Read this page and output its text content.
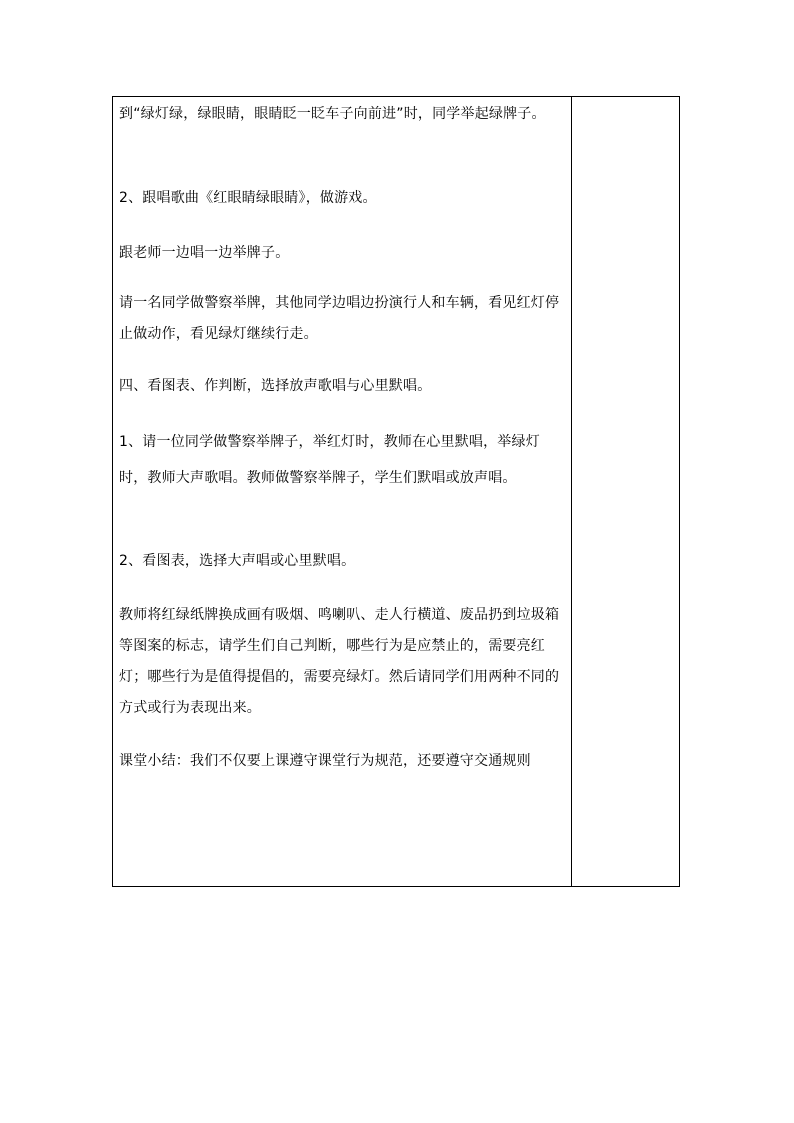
到“绿灯绿，绿眼睛，眼睛眨一眨车子向前进”时，同学举起绿牌子。

2、跟唱歌曲《红眼睛绿眼睛》，做游戏。

跟老师一边唱一边举牌子。

请一名同学做警察举牌，其他同学边唱边扮演行人和车辆，看见红灯停止做动作，看见绿灯继续行走。

四、看图表、作判断，选择放声歌唱与心里默唱。

1、请一位同学做警察举牌子，举红灯时，教师在心里默唱，举绿灯时，教师大声歌唱。教师做警察举牌子，学生们默唱或放声唱。

2、看图表，选择大声唱或心里默唱。

教师将红绿纸牌换成画有吸烟、鸣喇叭、走人行横道、废品扔到垃圾箱等图案的标志，请学生们自己判断，哪些行为是应禁止的，需要亮红灯；哪些行为是值得提倡的，需要亮绿灯。然后请同学们用两种不同的方式或行为表现出来。

课堂小结：我们不仅要上课遵守课堂行为规范，还要遵守交通规则
